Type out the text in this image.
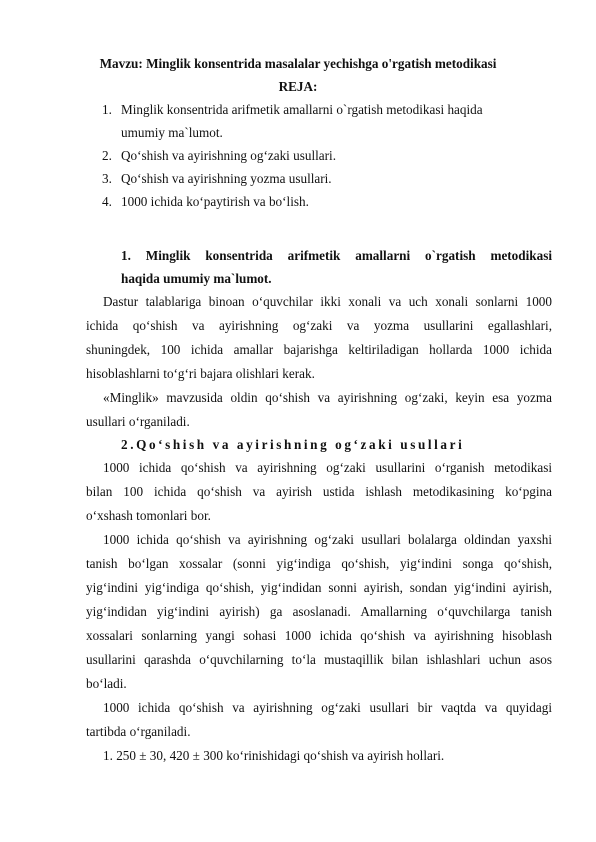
Mavzu: Minglik konsentrida masalalar yechishga o'rgatish metodikasi
REJA:
1. Minglik konsentrida arifmetik amallarni o`rgatish metodikasi haqida
umumiy ma`lumot.
2. Qo‘shish va ayirishning og‘zaki usullari.
3. Qo‘shish va ayirishning yozma usullari.
4. 1000 ichida ko‘paytirish va bo‘lish.
1. Minglik konsentrida arifmetik amallarni o`rgatish metodikasi
haqida umumiy ma`lumot.
Dastur talablariga binoan o‘quvchilar ikki xonali va uch xonali sonlarni 1000
ichida qo‘shish va ayirishning og‘zaki va yozma usullarini egallashlari,
shuningdek, 100 ichida amallar bajarishga keltiriladigan hollarda 1000 ichida
hisoblashlarni to‘g‘ri bajara olishlari kerak.
«Minglik» mavzusida oldin qo‘shish va ayirishning og‘zaki, keyin esa yozma
usullari o‘rganiladi.
2.Qo‘shish va ayirishning og‘zaki usullari
1000 ichida qo‘shish va ayirishning og‘zaki usullarini o‘rganish metodikasi
bilan 100 ichida qo‘shish va ayirish ustida ishlash metodikasining ko‘pgina
o‘xshash tomonlari bor.
1000 ichida qo‘shish va ayirishning og‘zaki usullari bolalarga oldindan yaxshi
tanish bo‘lgan xossalar (sonni yig‘indiga qo‘shish, yig‘indini songa qo‘shish,
yig‘indini yig‘indiga qo‘shish, yig‘indidan sonni ayirish, sondan yig‘indini ayirish,
yig‘indidan yig‘indini ayirish) ga asoslanadi. Amallarning o‘quvchilarga tanish
xossalari sonlarning yangi sohasi 1000 ichida qo‘shish va ayirishning hisoblash
usullarini qarashda o‘quvchilarning to‘la mustaqillik bilan ishlashlari uchun asos
bo‘ladi.
1000 ichida qo‘shish va ayirishning og‘zaki usullari bir vaqtda va quyidagi
tartibda o‘rganiladi.
1. 250 ± 30, 420 ± 300 ko‘rinishidagi qo‘shish va ayirish hollari.
